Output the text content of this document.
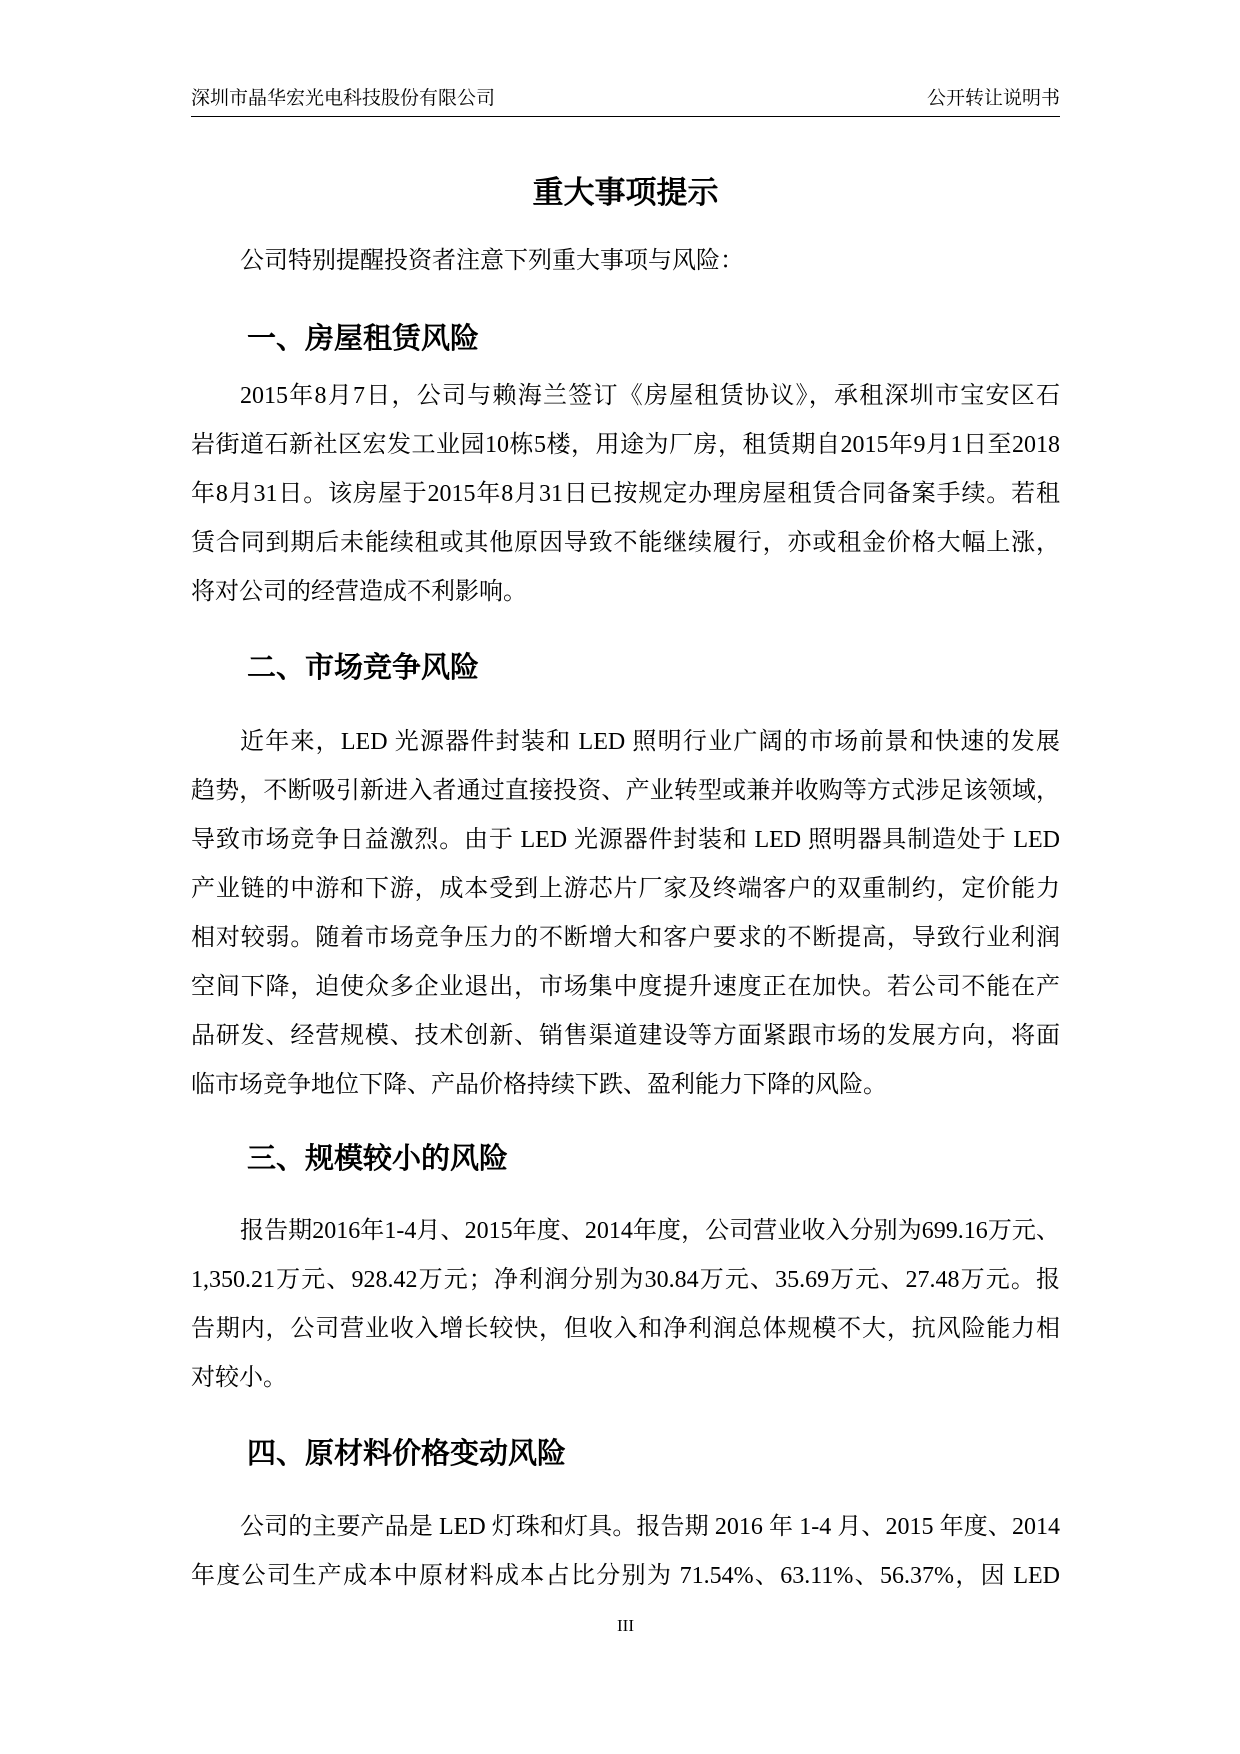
深圳市晶华宏光电科技股份有限公司	公开转让说明书
重大事项提示
公司特别提醒投资者注意下列重大事项与风险：
一、房屋租赁风险
2015年8月7日，公司与赖海兰签订《房屋租赁协议》，承租深圳市宝安区石
岩街道石新社区宏发工业园10栋5楼，用途为厂房，租赁期自2015年9月1日至2018
年8月31日。该房屋于2015年8月31日已按规定办理房屋租赁合同备案手续。若租
赁合同到期后未能续租或其他原因导致不能继续履行，亦或租金价格大幅上涨，
将对公司的经营造成不利影响。
二、市场竞争风险
近年来，LED 光源器件封装和 LED 照明行业广阔的市场前景和快速的发展
趋势，不断吸引新进入者通过直接投资、产业转型或兼并收购等方式涉足该领域，
导致市场竞争日益激烈。由于 LED 光源器件封装和 LED 照明器具制造处于 LED
产业链的中游和下游，成本受到上游芯片厂家及终端客户的双重制约，定价能力
相对较弱。随着市场竞争压力的不断增大和客户要求的不断提高，导致行业利润
空间下降，迫使众多企业退出，市场集中度提升速度正在加快。若公司不能在产
品研发、经营规模、技术创新、销售渠道建设等方面紧跟市场的发展方向，将面
临市场竞争地位下降、产品价格持续下跌、盈利能力下降的风险。
三、规模较小的风险
报告期2016年1-4月、2015年度、2014年度，公司营业收入分别为699.16万元、
1,350.21万元、928.42万元；净利润分别为30.84万元、35.69万元、27.48万元。报
告期内，公司营业收入增长较快，但收入和净利润总体规模不大，抗风险能力相
对较小。
四、原材料价格变动风险
公司的主要产品是 LED 灯珠和灯具。报告期 2016 年 1-4 月、2015 年度、2014
年度公司生产成本中原材料成本占比分别为 71.54%、63.11%、56.37%，因 LED
III
